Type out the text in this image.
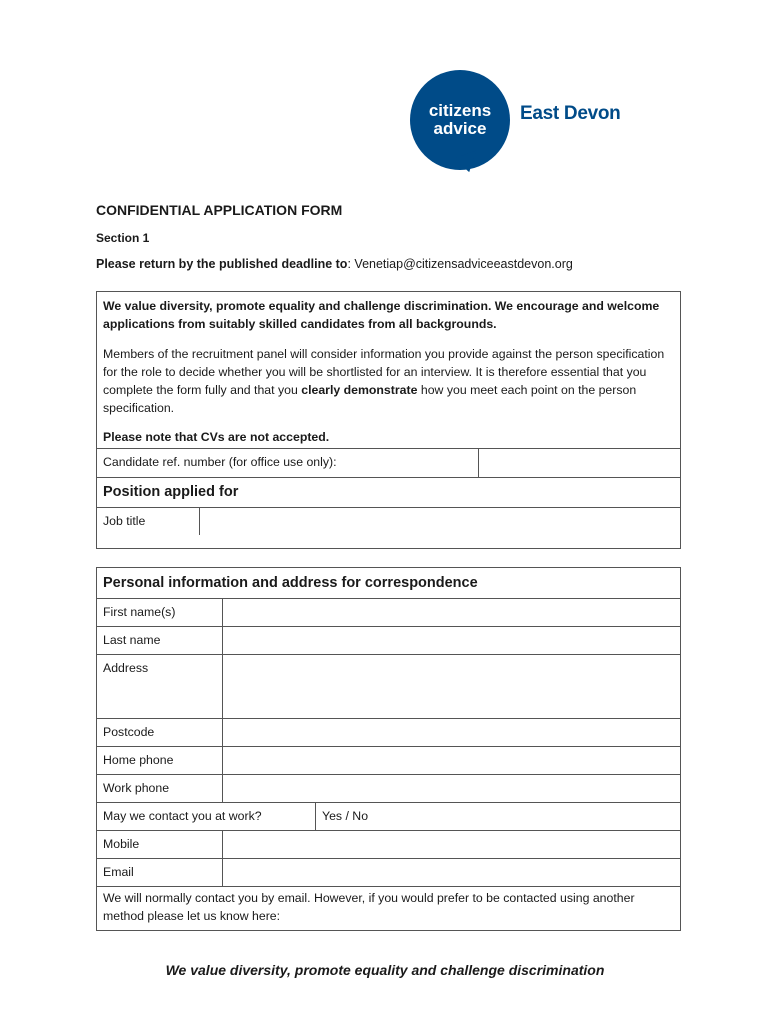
citizens
advice
East Devon
CONFIDENTIAL APPLICATION FORM
Section 1
Please return by the published deadline to: Venetiap@citizensadviceeastdevon.org
We value diversity, promote equality and challenge discrimination. We encourage and welcome applications from suitably skilled candidates from all backgrounds.
Members of the recruitment panel will consider information you provide against the person specification for the role to decide whether you will be shortlisted for an interview. It is therefore essential that you complete the form fully and that you clearly demonstrate how you meet each point on the person specification.
Please note that CVs are not accepted.
Candidate ref. number (for office use only):
Position applied for
Job title
Personal information and address for correspondence
First name(s)
Last name
Address
Postcode
Home phone
Work phone
May we contact you at work?	Yes / No
Mobile
Email
We will normally contact you by email. However, if you would prefer to be contacted using another method please let us know here:
We value diversity, promote equality and challenge discrimination
